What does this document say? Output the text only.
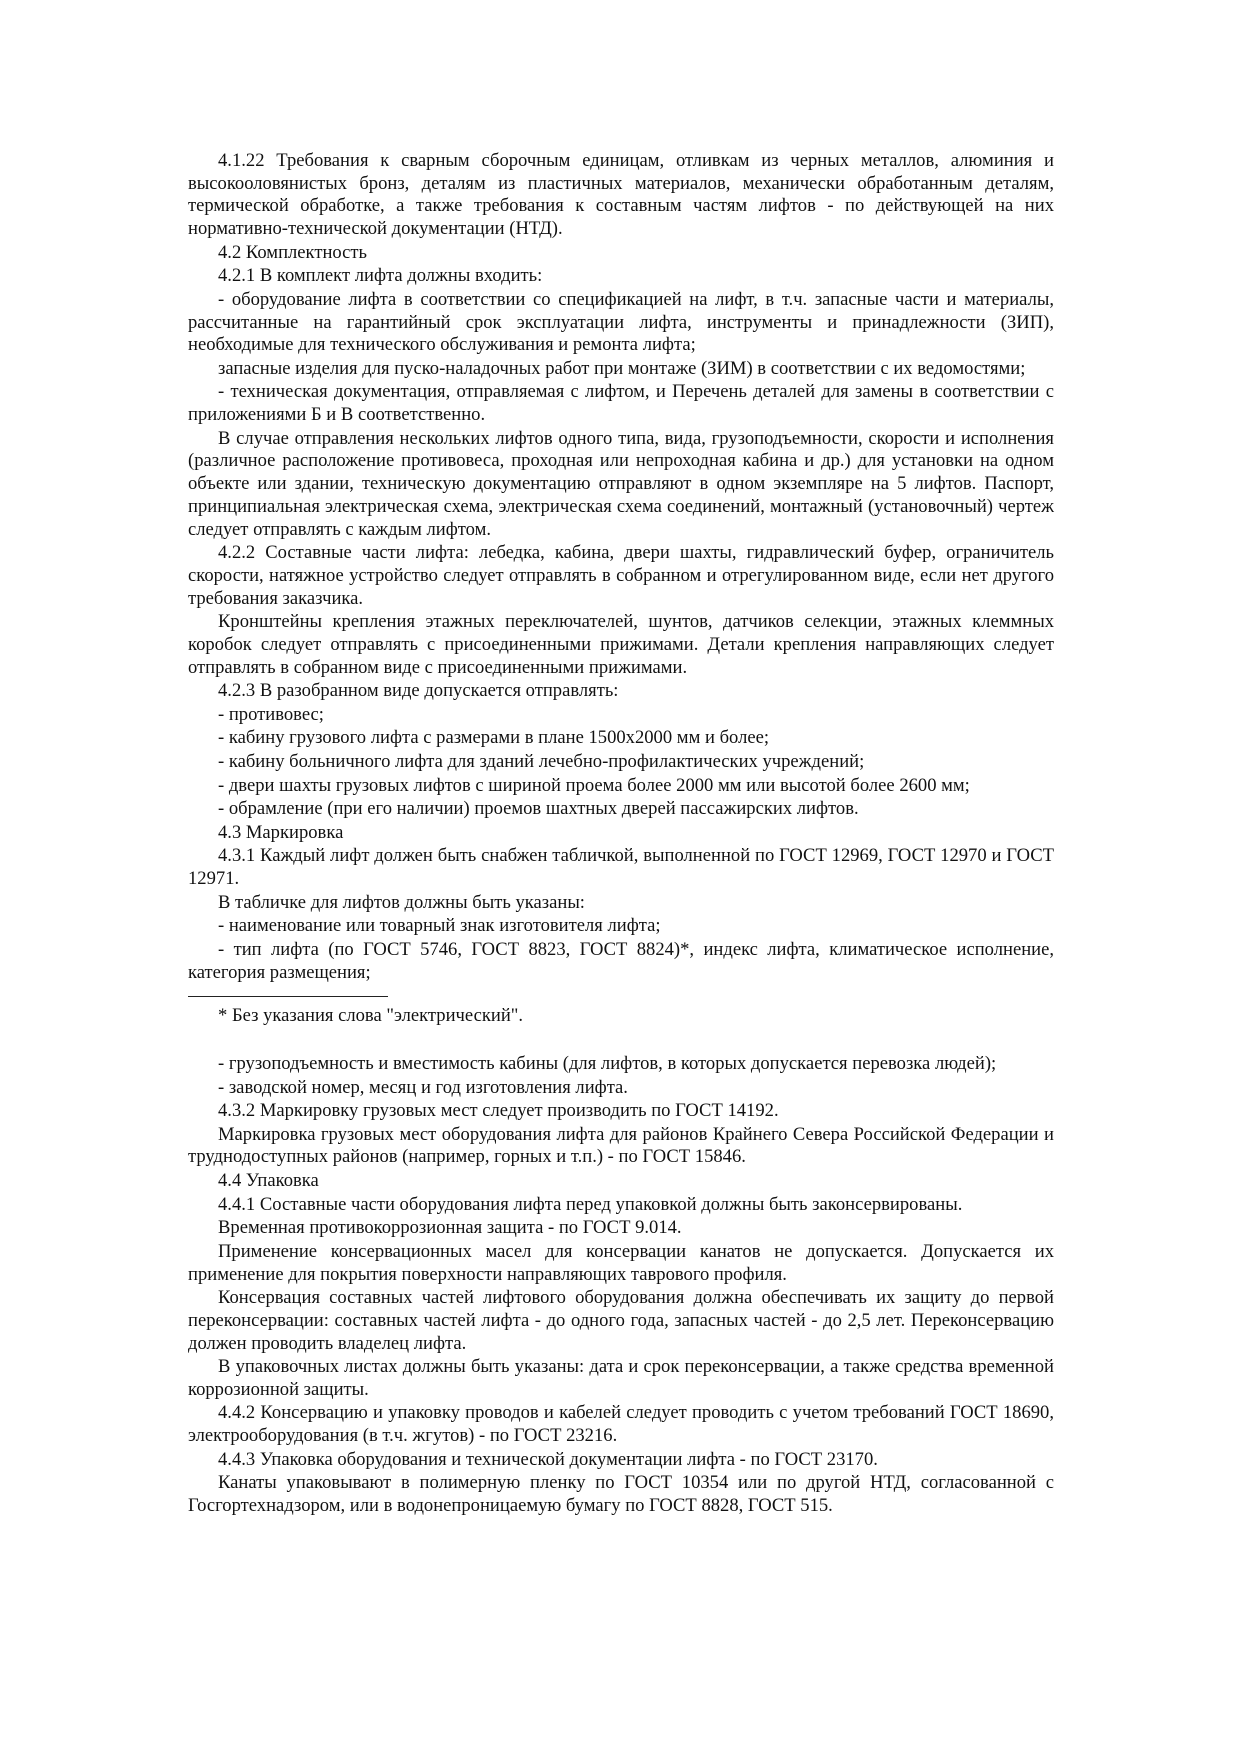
4.1.22 Требования к сварным сборочным единицам, отливкам из черных металлов, алюминия и высокооловянистых бронз, деталям из пластичных материалов, механически обработанным деталям, термической обработке, а также требования к составным частям лифтов - по действующей на них нормативно-технической документации (НТД).

4.2 Комплектность

4.2.1 В комплект лифта должны входить:

- оборудование лифта в соответствии со спецификацией на лифт, в т.ч. запасные части и материалы, рассчитанные на гарантийный срок эксплуатации лифта, инструменты и принадлежности (ЗИП), необходимые для технического обслуживания и ремонта лифта;

запасные изделия для пуско-наладочных работ при монтаже (ЗИМ) в соответствии с их ведомостями;

- техническая документация, отправляемая с лифтом, и Перечень деталей для замены в соответствии с приложениями Б и В соответственно.

В случае отправления нескольких лифтов одного типа, вида, грузоподъемности, скорости и исполнения (различное расположение противовеса, проходная или непроходная кабина и др.) для установки на одном объекте или здании, техническую документацию отправляют в одном экземпляре на 5 лифтов. Паспорт, принципиальная электрическая схема, электрическая схема соединений, монтажный (установочный) чертеж следует отправлять с каждым лифтом.

4.2.2 Составные части лифта: лебедка, кабина, двери шахты, гидравлический буфер, ограничитель скорости, натяжное устройство следует отправлять в собранном и отрегулированном виде, если нет другого требования заказчика.

Кронштейны крепления этажных переключателей, шунтов, датчиков селекции, этажных клеммных коробок следует отправлять с присоединенными прижимами. Детали крепления направляющих следует отправлять в собранном виде с присоединенными прижимами.

4.2.3 В разобранном виде допускается отправлять:

- противовес;

- кабину грузового лифта с размерами в плане 1500x2000 мм и более;

- кабину больничного лифта для зданий лечебно-профилактических учреждений;

- двери шахты грузовых лифтов с шириной проема более 2000 мм или высотой более 2600 мм;

- обрамление (при его наличии) проемов шахтных дверей пассажирских лифтов.

4.3 Маркировка

4.3.1 Каждый лифт должен быть снабжен табличкой, выполненной по ГОСТ 12969, ГОСТ 12970 и ГОСТ 12971.

В табличке для лифтов должны быть указаны:

- наименование или товарный знак изготовителя лифта;

- тип лифта (по ГОСТ 5746, ГОСТ 8823, ГОСТ 8824)*, индекс лифта, климатическое исполнение, категория размещения;

* Без указания слова "электрический".

- грузоподъемность и вместимость кабины (для лифтов, в которых допускается перевозка людей);

- заводской номер, месяц и год изготовления лифта.

4.3.2 Маркировку грузовых мест следует производить по ГОСТ 14192.

Маркировка грузовых мест оборудования лифта для районов Крайнего Севера Российской Федерации и труднодоступных районов (например, горных и т.п.) - по ГОСТ 15846.

4.4 Упаковка

4.4.1 Составные части оборудования лифта перед упаковкой должны быть законсервированы.

Временная противокоррозионная защита - по ГОСТ 9.014.

Применение консервационных масел для консервации канатов не допускается. Допускается их применение для покрытия поверхности направляющих таврового профиля.

Консервация составных частей лифтового оборудования должна обеспечивать их защиту до первой переконсервации: составных частей лифта - до одного года, запасных частей - до 2,5 лет. Переконсервацию должен проводить владелец лифта.

В упаковочных листах должны быть указаны: дата и срок переконсервации, а также средства временной коррозионной защиты.

4.4.2 Консервацию и упаковку проводов и кабелей следует проводить с учетом требований ГОСТ 18690, электрооборудования (в т.ч. жгутов) - по ГОСТ 23216.

4.4.3 Упаковка оборудования и технической документации лифта - по ГОСТ 23170.

Канаты упаковывают в полимерную пленку по ГОСТ 10354 или по другой НТД, согласованной с Госгортехнадзором, или в водонепроницаемую бумагу по ГОСТ 8828, ГОСТ 515.
